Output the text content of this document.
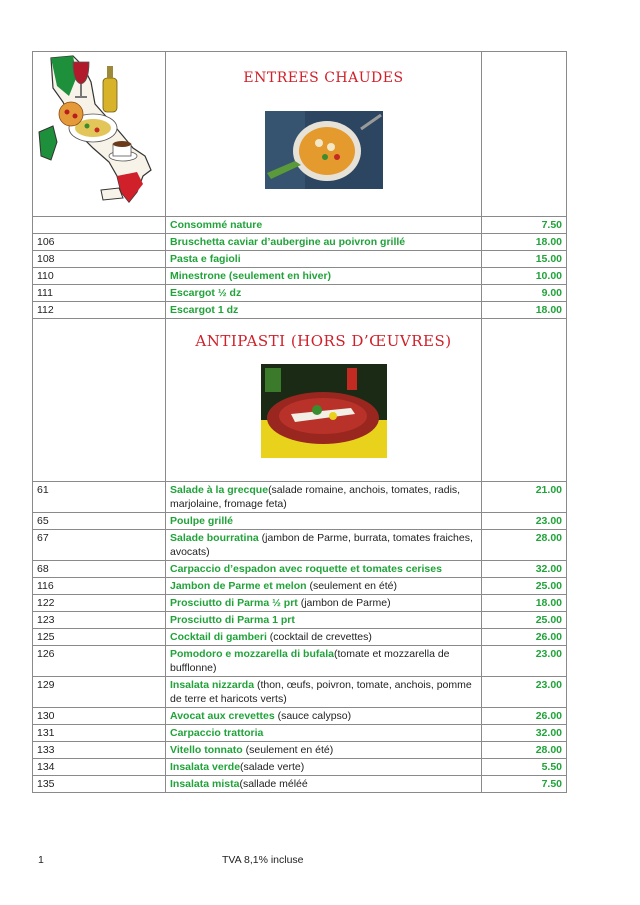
ENTREES CHAUDES	

	Consommé nature	7.50
106	Bruschetta caviar d’aubergine au poivron grillé	18.00
108	Pasta e fagioli	15.00
110	Minestrone (seulement en hiver)	10.00
111	Escargot ½ dz	9.00
112	Escargot 1 dz	18.00

	ANTIPASTI (HORS D’ŒUVRES)	

61	Salade à la grecque(salade romaine, anchois, tomates, radis, marjolaine, fromage feta)	21.00
65	Poulpe grillé	23.00
67	Salade bourratina (jambon de Parme, burrata, tomates fraiches, avocats)	28.00
68	Carpaccio d’espadon avec roquette et tomates cerises	32.00
116	Jambon de Parme et melon (seulement en été)	25.00
122	Prosciutto di Parma ½ prt (jambon de Parme)	18.00
123	Prosciutto di Parma 1 prt	25.00
125	Cocktail di gamberi (cocktail de crevettes)	26.00
126	Pomodoro e mozzarella di bufala(tomate et mozzarella de bufflonne)	23.00
129	Insalata nizzarda (thon, œufs, poivron, tomate, anchois, pomme de terre et haricots verts)	23.00
130	Avocat aux crevettes (sauce calypso)	26.00
131	Carpaccio trattoria	32.00
133	Vitello tonnato (seulement en été)	28.00
134	Insalata verde(salade verte)	5.50
135	Insalata mista(sallade méléé	7.50
1	TVA 8,1% incluse
